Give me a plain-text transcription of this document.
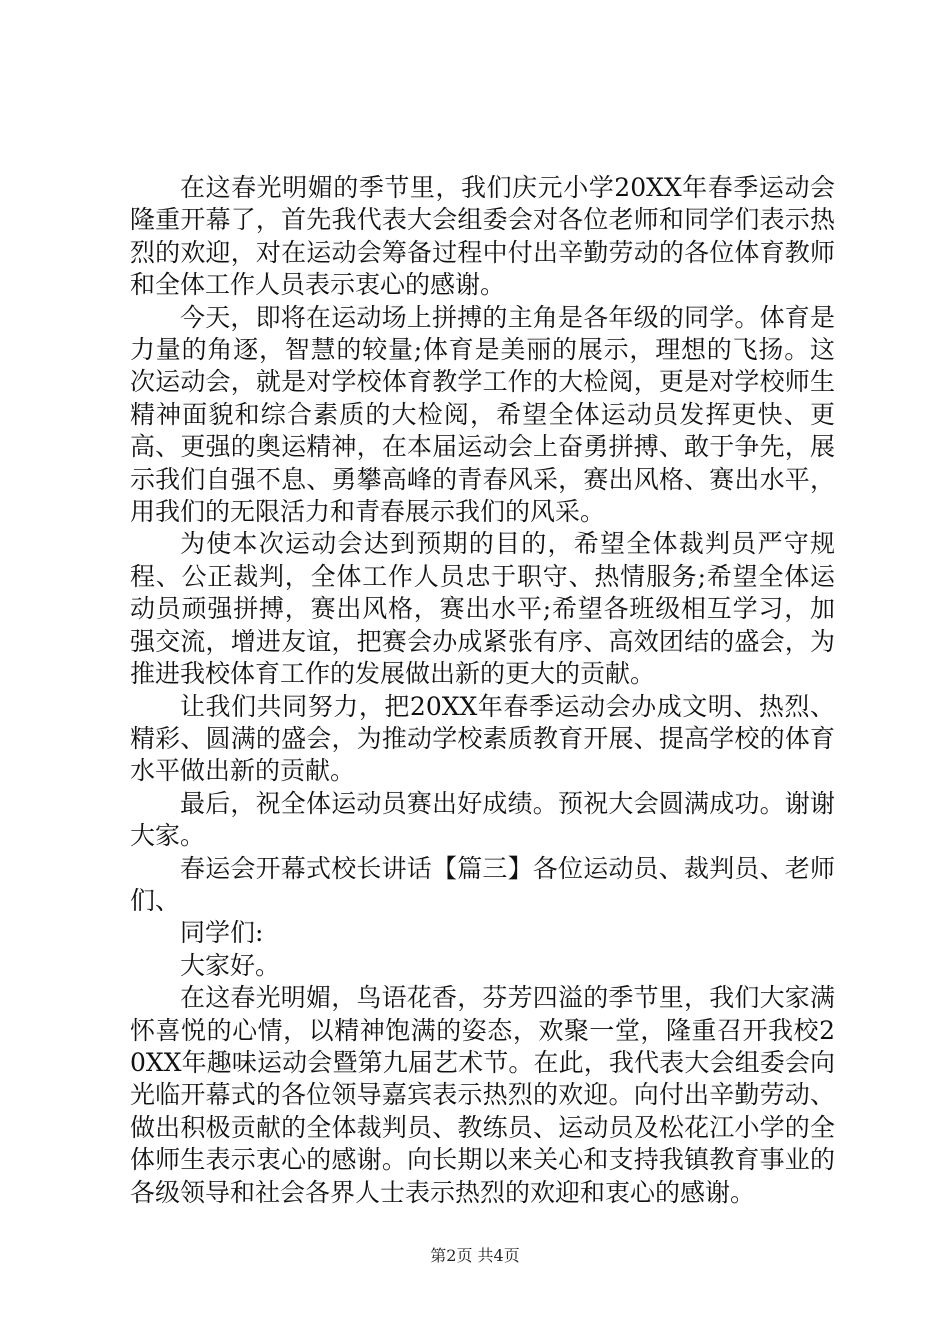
在这春光明媚的季节里，我们庆元小学20XX年春季运动会隆重开幕了，首先我代表大会组委会对各位老师和同学们表示热烈的欢迎，对在运动会筹备过程中付出辛勤劳动的各位体育教师和全体工作人员表示衷心的感谢。

今天，即将在运动场上拼搏的主角是各年级的同学。体育是力量的角逐，智慧的较量;体育是美丽的展示，理想的飞扬。这次运动会，就是对学校体育教学工作的大检阅，更是对学校师生精神面貌和综合素质的大检阅，希望全体运动员发挥更快、更高、更强的奥运精神，在本届运动会上奋勇拼搏、敢于争先，展示我们自强不息、勇攀高峰的青春风采，赛出风格、赛出水平，用我们的无限活力和青春展示我们的风采。

为使本次运动会达到预期的目的，希望全体裁判员严守规程、公正裁判，全体工作人员忠于职守、热情服务;希望全体运动员顽强拼搏，赛出风格，赛出水平;希望各班级相互学习，加强交流，增进友谊，把赛会办成紧张有序、高效团结的盛会，为推进我校体育工作的发展做出新的更大的贡献。

让我们共同努力，把20XX年春季运动会办成文明、热烈、精彩、圆满的盛会，为推动学校素质教育开展、提高学校的体育水平做出新的贡献。

最后，祝全体运动员赛出好成绩。预祝大会圆满成功。谢谢大家。

春运会开幕式校长讲话【篇三】各位运动员、裁判员、老师们、

同学们:

大家好。

在这春光明媚，鸟语花香，芬芳四溢的季节里，我们大家满怀喜悦的心情，以精神饱满的姿态，欢聚一堂，隆重召开我校20XX年趣味运动会暨第九届艺术节。在此，我代表大会组委会向光临开幕式的各位领导嘉宾表示热烈的欢迎。向付出辛勤劳动、做出积极贡献的全体裁判员、教练员、运动员及松花江小学的全体师生表示衷心的感谢。向长期以来关心和支持我镇教育事业的各级领导和社会各界人士表示热烈的欢迎和衷心的感谢。

第2页 共4页
